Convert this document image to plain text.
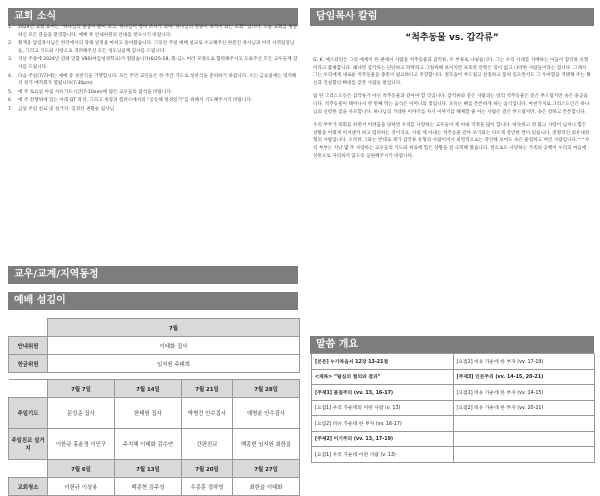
교회 소식
1. 2024년 교회 표어는 “하나님의 말씀이 왕이 되고, 하나님이 영이 조사가 되며, 하나님의 영광이 목적이 되는 교회” 입니다. 오늘 교회를 방문하신 모든 분들을 환영합니다. 예배 후 안내위원의 안내를 받으시기 바랍니다.
2. 황재웅 담임목사님은 한국에서의 장례 일정을 마치고 돌아왔습니다. 그동안 주일 예배 설교로 수고해주신 한문진 목사님과 여러 사역팀장님들, 그리고 기도와 사랑으로 격려해주신 모든 성도님들께 감사를 드립니다.
3. 지난 주중에 2024년 연례 연합 VBS(여름성경학교)가 열렸습니다(6/25-28, 화-금). 여러 모양으로 협력해주시고 도와주신 모든 교우들께 감사를 드립니다.
4. 다음 주일(7/7)에는 예배 중 성찬식을 거행합니다. 모든 주민 교인들은 한 주간 기도로 성찬식을 준비하기 바랍니다. 오는 금요일에는 영적해석 정기 예적회가 열립니다(7:30pm).
5. 매 주 토요일 아침 자유기도시간(7-10am)에 많은 교우들의 참석을 바랍니다.
6. 매 주 전행위에 있는 아래 QT 묵상, 그리고 목장과 캠퍼스에서의 “공동체 성경읽기”를 위해서 기도해주시기 바랍니다.
7. 금일 주일 친교 및 설거지: 김경선 권황순 집사님
교우/교계/지역동정
예배 섬김이
	7월			
안내위원	이태화 집사			
헌금위원	임지원 주태희			

	7월 7일	7월 14일	7월 21일	7월 28일
주일기도	문성준 집사	한태원 집사	박병건 안수집사	예명윤 안수집사
주일친교 설거지	이한규 홍윤정 이민구	주지혜 이태화 김수연	간편친교	백종현 임지원 최한을
	7월 6일	7월 13일	7월 20일	7월 27일
교회청소	이한규 이상용	백종현 김주성	우종훈 정하영	최한을 이태화
담임목사 칼럼
“척추동물 vs. 갑각류”

G. K. 체스터턴은 그의 에세이 한 편에서 사람을 척추동물과 갑각류, 두 부류로 나눴습니다. 그는 우리 시대를 지배하는 이들이 갑각류 유형이라고 불평합니다. 왜냐면 갑각류는 단단하고 딱딱하고 그럴싸해 보이지만 보호막 안쪽은 깊이 없고 나약한 사람들이라는 겁니다. 그래서 그는 우리에게 새로운 척추동물을 종족이 필요하다고 주장합니다. 곁모습이 부드럽고 친절하고 품위 있으면서도 그 우아함을 지탱해 주는 확신과 진실함의 뼈대를 갖춘 사람들 말입니다.

참 된 그리스도인은 갑각류가 아닌 척추동물과 같아야 할 것입니다. 갑각류와 같은 사람과는 달리 척추동물은 겉은 부드럽지만 속은 올곧습니다. 척추동물이 태어나서 첫 번째 먹는 음식은 어머니의 젖입니다. 모유는 뼈를 튼튼하게 하는 음식입니다. 마찬가지로 그리스도인은 하나님의 신령한 젖을 사모합니다. 하나님의 거대한 이야기를 자기 이야기를 해체할 줄 아는 사람은 겉은 부드럽지만, 속은 강하고 튼튼합니다.

우리 부부가 목회를 하면서 어려움을 당하면 우리를 사랑하는 교우들이 제 아내 걱정을 많이 합니다. 따뜻하고 정 많고 사랑이 넘치니 힘든 상황을 어떻게 이겨낼까 하고 염려하는 것이지요. 사실 제 아내는 척추동물 같아 보기와는 다르게 강인한 면이 있습니다. 전형적인 외유내강 형의 사람입니다. 오히려 그와는 반대로 제가 갑각류 유형의 사람이어서 외면적으로는 강인해 보여도 속은 물렁하고 여린 사람입니다.^^우리 부부는 지난 몇 주 사랑하는 교우들의 기도와 위로에 힘든 상황을 잘 극복해 왔습니다. 앞으로도 사랑하는 가족의 공백이 우리의 마음에 상흔으로 자리하지 않도록 응원해주시기 바랍니다.

말씀 개요
[본문] 누가복음서 12장 13-21절	[요점2] 비유 가운데 한 부자 (vv. 17-19)
<제목> “탐심의 혐의와 결과”	[주제3] 인본주의 (vv. 14-15, 20-21)
[주제1] 물질주의 (vv. 13, 16-17)	[요점1] 비유 가운데 한 부자 (vv. 14-15)
[요점1] 우리 가운데의 어떤 사람 (v. 13)	[요점2] 비유 가운데 한 부자 (vv. 20-21)
[요점2] 비유 가운데 한 부자 (vv. 16-17)	
[주제2] 이기주의 (vv. 13, 17-19)	
[요점1] 우리 가운데 어떤 사람 (v. 13)	
